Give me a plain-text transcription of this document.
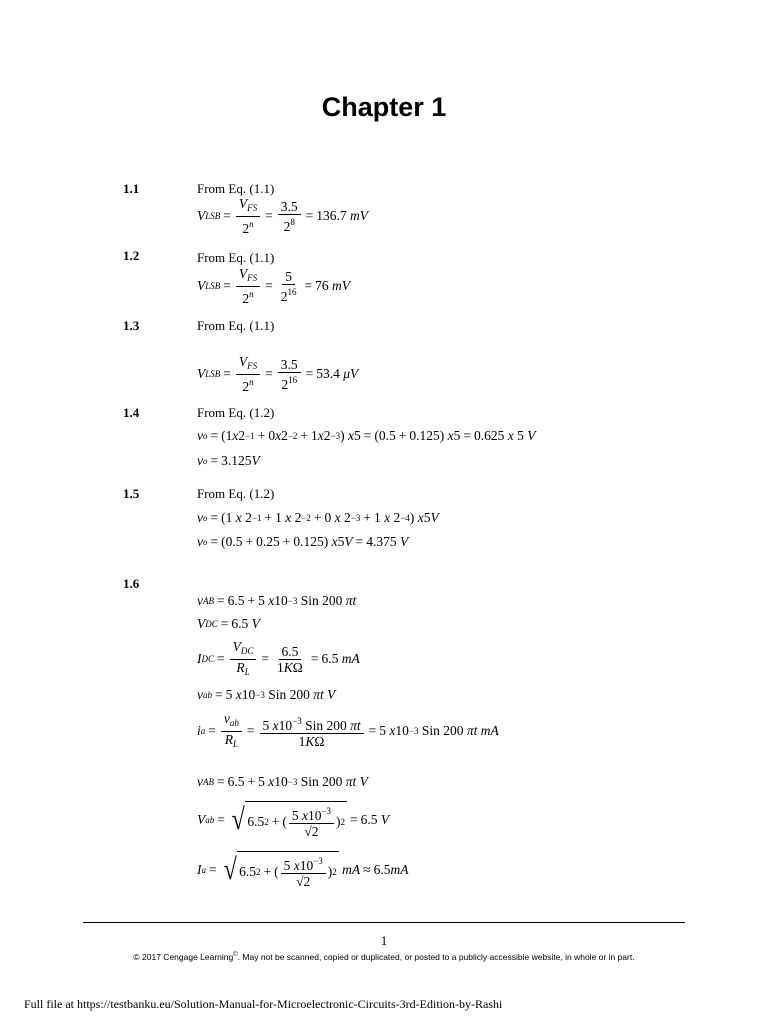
Chapter 1
1.1	From Eq. (1.1)
V LSB = $\frac{V_{FS}}{2^n} = \frac{3.5}{2^8} = 136.7$
mV
1.2	From Eq. (1.1)
V LSB = $\frac{V_{FS}}{2^n} = \frac{5}{2^{16}} = 76$
mV
1.3	From Eq. (1.1)
V LSB = $\frac{V_{FS}}{2^n} = \frac{3.5}{2^{16}} = 53.4$
μV
1.4	From Eq. (1.2)
v o = (1 x 2 −1 + 0 x 2 −2 + 1 x 2 −3 ) x 5 = (0.5 + 0.125) x 5 = 0.625 x 5 V
v o = 3.125 V
1.5	From Eq. (1.2)
v o = (1 x 2 −1 + 1 x 2 −2 + 0 x 2 −3 + 1 x 2 −4 ) x 5 V
v o = (0.5 + 0.25 + 0.125) x 5 V = 4.375
V
1.6
v AB = 6.5 + 5 x 10 −3 Sin 200 πt
V DC = 6.5 V
I DC = $\frac{V_{DC}}{R_L} = \frac{6.5}{1K\Omega} = 6.5$ mA
v ab = 5 x 10 −3 Sin 200 πt
V
i $a = \frac{v_{ab}}{R_L} = \frac{5 x10^{-3} Sin 200 \pi t}{1K\Omega} = 5$ x 10 −3 Sin 200 πt
mA
v AB = 6.5 + 5 x 10 −3 Sin 200 πt
V
V ab = √ 6.5 2 + ( $\frac{5 x10^{-3}}{√2}$ ) 2 = 6.5 V
I a = √ 6.5 2 + ( $\frac{5 x10^{-3}}{√2}$ ) 2
mA ≈ 6.5 mA
1
© 2017 Cengage Learning©. May not be scanned, copied or duplicated, or posted to a publicly accessible website, in whole or in part.
Full file at https://testbanku.eu/Solution-Manual-for-Microelectronic-Circuits-3rd-Edition-by-Rashi
